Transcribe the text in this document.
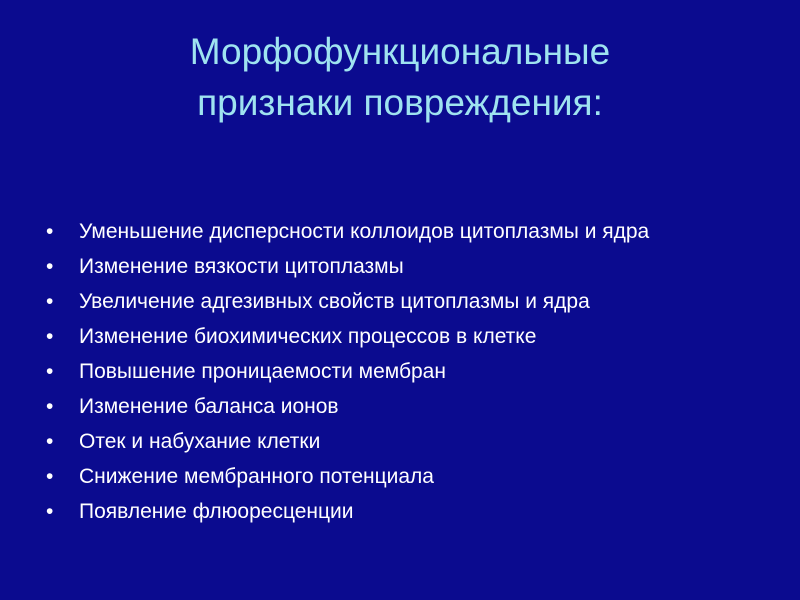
Морфофункциональные
признаки повреждения:
•	Уменьшение дисперсности коллоидов цитоплазмы и ядра
•	Изменение вязкости цитоплазмы
•	Увеличение адгезивных свойств цитоплазмы и ядра
•	Изменение биохимических процессов в клетке
•	Повышение проницаемости мембран
•	Изменение баланса ионов
•	Отек и набухание клетки
•	Снижение мембранного потенциала
•	Появление флюоресценции
